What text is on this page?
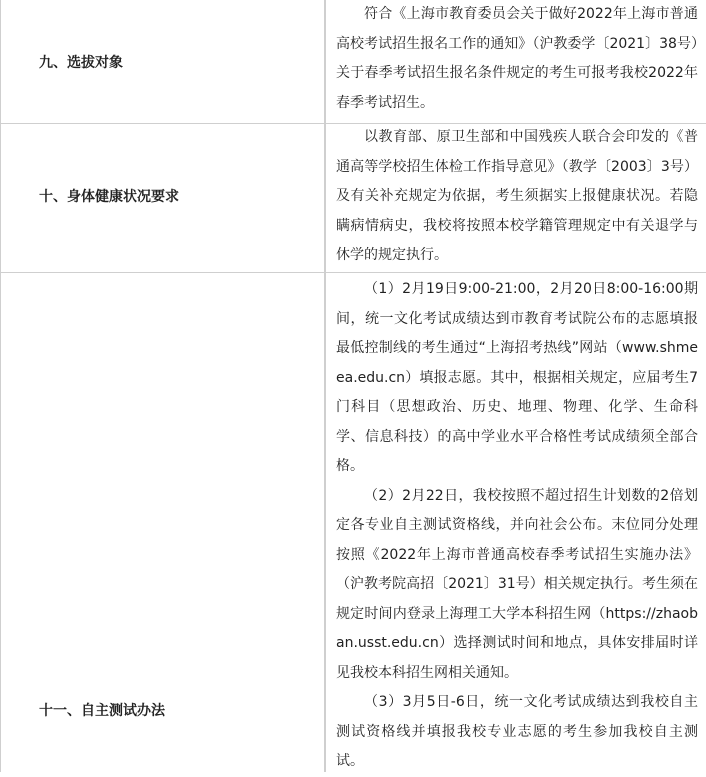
九、选拔对象

符合《上海市教育委员会关于做好2022年上海市普通高校考试招生报名工作的通知》（沪教委学〔2021〕38号）关于春季考试招生报名条件规定的考生可报考我校2022年春季考试招生。

十、身体健康状况要求

以教育部、原卫生部和中国残疾人联合会印发的《普通高等学校招生体检工作指导意见》（教学〔2003〕3号）及有关补充规定为依据，考生须据实上报健康状况。若隐瞒病情病史，我校将按照本校学籍管理规定中有关退学与休学的规定执行。

十一、自主测试办法

（1）2月19日9:00-21:00，2月20日8:00-16:00期间，统一文化考试成绩达到市教育考试院公布的志愿填报最低控制线的考生通过“上海招考热线”网站（www.shmeea.edu.cn）填报志愿。其中，根据相关规定，应届考生7门科目（思想政治、历史、地理、物理、化学、生命科学、信息科技）的高中学业水平合格性考试成绩须全部合格。

（2）2月22日，我校按照不超过招生计划数的2倍划定各专业自主测试资格线，并向社会公布。末位同分处理按照《2022年上海市普通高校春季考试招生实施办法》（沪教考院高招〔2021〕31号）相关规定执行。考生须在规定时间内登录上海理工大学本科招生网（https://zhaoban.usst.edu.cn）选择测试时间和地点，具体安排届时详见我校本科招生网相关通知。

（3）3月5日-6日，统一文化考试成绩达到我校自主测试资格线并填报我校专业志愿的考生参加我校自主测试。
